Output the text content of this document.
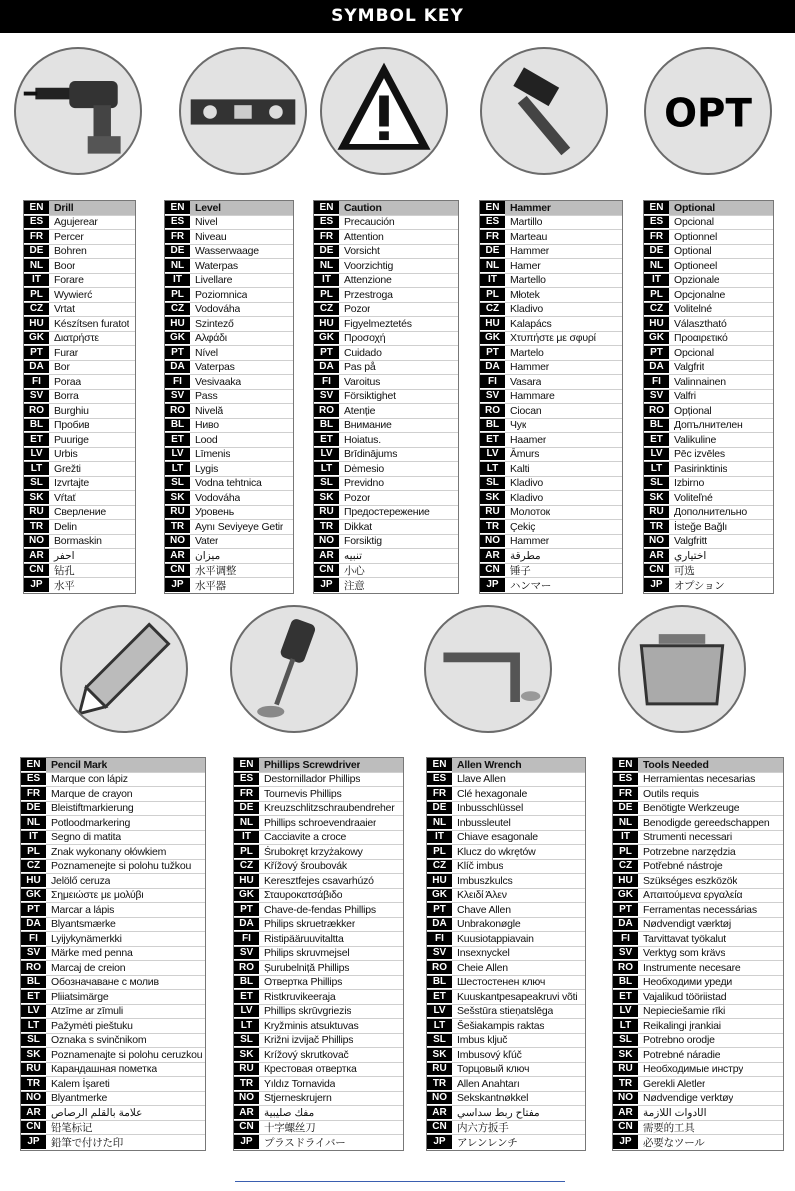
SYMBOL KEY
OPT
EN	Drill
ES	Agujerear
FR	Percer
DE	Bohren
NL	Boor
IT	Forare
PL	Wywierć
CZ	Vrtat
HU Készítsen furatot
GK Διατρήστε
PT	Furar
DA Bor
FI	Poraa
SV	Borra
RO Burghiu
BL	Пробив
ET	Puurige
LV	Urbis
LT	Grežti
SL	Izvrtajte
SK	Vŕtať
RU Сверление
TR	Delin
NO Bormaskin
AR احفر
CN 钻孔
JP	水平
EN	Level
ES	Nivel
FR	Niveau
DE	Wasserwaage
NL	Waterpas
IT	Livellare
PL	Poziomnica
CZ	Vodováha
HU Szintező
GK Αλφάδι
PT	Nível
DA Vaterpas
FI	Vesivaaka
SV	Pass
RO Nivelă
BL	Ниво
ET	Lood
LV	Līmenis
LT	Lygis
SL	Vodna tehtnica
SK	Vodováha
RU Уровень
TR	Aynı Seviyeye Getir
NO Vater
AR ميزان
CN 水平调整
JP	水平器
EN	Caution
ES	Precaución
FR	Attention
DE	Vorsicht
NL	Voorzichtig
IT	Attenzione
PL	Przestroga
CZ	Pozor
HU Figyelmeztetés
GK Προσοχή
PT	Cuidado
DA Pas på
FI	Varoitus
SV	Försiktighet
RO Atenție
BL	Внимание
ET	Hoiatus.
LV	Brīdinājums
LT	Dėmesio
SL	Previdno
SK	Pozor
RU Предостережение
TR	Dikkat
NO Forsiktig
AR تنبيه
CN 小心
JP	注意
EN	Hammer
ES	Martillo
FR	Marteau
DE	Hammer
NL	Hamer
IT	Martello
PL	Młotek
CZ	Kladivo
HU Kalapács
GK Χτυπήστε με σφυρί
PT	Martelo
DA Hammer
FI	Vasara
SV	Hammare
RO Ciocan
BL	Чук
ET	Haamer
LV	Āmurs
LT	Kalti
SL	Kladivo
SK	Kladivo
RU Молоток
TR	Çekiç
NO Hammer
AR مطرقة
CN 锤子
JP	ハンマー
EN	Optional
ES	Opcional
FR	Optionnel
DE	Optional
NL	Optioneel
IT	Opzionale
PL	Opcjonalne
CZ	Volitelné
HU Választható
GK Προαιρετικό
PT	Opcional
DA Valgfrit
FI	Valinnainen
SV	Valfri
RO Opțional
BL	Допълнителен
ET	Valikuline
LV	Pēc izvēles
LT	Pasirinktinis
SL	Izbirno
SK	Voliteľné
RU Дополнительно
TR	İsteğe Bağlı
NO Valgfritt
AR اختياري
CN 可选
JP	オプション
EN	Pencil Mark
ES	Marque con lápiz
FR	Marque de crayon
DE	Bleistiftmarkierung
NL	Potloodmarkering
IT	Segno di matita
PL	Znak wykonany ołówkiem
CZ	Poznamenejte si polohu tužkou
HU Jelölő ceruza
GK Σημειώστε με μολύβι
PT	Marcar a lápis
DA Blyantsmærke
FI	Lyijykynämerkki
SV	Märke med penna
RO Marcaj de creion
BL	Обозначаване с молив
ET	Pliiatsimärge
LV	Atzīme ar zīmuli
LT	Pažymėti pieštuku
SL	Oznaka s svinčnikom
SK	Poznamenajte si polohu ceruzkou
RU Карандашная пометка
TR	Kalem İşareti
NO Blyantmerke
AR علامة بالقلم الرصاص
CN 铅笔标记
JP	鉛筆で付けた印
EN	Phillips Screwdriver
ES	Destornillador Phillips
FR	Tournevis Phillips
DE	Kreuzschlitzschraubendreher
NL	Phillips schroevendraaier
IT	Cacciavite a croce
PL	Śrubokręt krzyżakowy
CZ	Křížový šroubovák
HU Keresztfejes csavarhúzó
GK Σταυροκατσάβιδο
PT	Chave-de-fendas Phillips
DA Philips skruetrækker
FI	Ristipääruuvitaltta
SV	Philips skruvmejsel
RO Șurubelniță Phillips
BL	Отвертка Phillips
ET	Ristkruvikeeraja
LV	Phillips skrūvgriezis
LT	Kryžminis atsuktuvas
SL	Križni izvijač Phillips
SK	Krížový skrutkovač
RU Крестовая отвертка
TR	Yıldız Tornavida
NO Stjerneskrujern
AR مفك صليبية
CN 十字螺丝刀
JP	プラスドライバー
EN	Allen Wrench
ES	Llave Allen
FR	Clé hexagonale
DE	Inbusschlüssel
NL	Inbussleutel
IT	Chiave esagonale
PL	Klucz do wkrętów
CZ	Klíč imbus
HU Imbuszkulcs
GK Κλειδί Άλεν
PT	Chave Allen
DA Unbrakonøgle
FI	Kuusiotappiavain
SV	Insexnyckel
RO Cheie Allen
BL	Шестостенен ключ
ET	Kuuskantpesapeakruvi võti
LV	Sešstūra stieņatslēga
LT	Šešiakampis raktas
SL	Imbus ključ
SK	Imbusový kľúč
RU Торцовый ключ
TR	Allen Anahtarı
NO Sekskantnøkkel
AR مفتاح ربط سداسي
CN 内六方扳手
JP	アレンレンチ
EN	Tools Needed
ES	Herramientas necesarias
FR	Outils requis
DE	Benötigte Werkzeuge
NL	Benodigde gereedschappen
IT	Strumenti necessari
PL	Potrzebne narzędzia
CZ	Potřebné nástroje
HU Szükséges eszközök
GK Απαιτούμενα εργαλεία
PT	Ferramentas necessárias
DA Nødvendigt værktøj
FI	Tarvittavat työkalut
SV	Verktyg som krävs
RO Instrumente necesare
BL	Необходими уреди
ET	Vajalikud tööriistad
LV	Nepieciešamie rīki
LT	Reikalingi įrankiai
SL	Potrebno orodje
SK	Potrebné náradie
RU Необходимые инстру
TR	Gerekli Aletler
NO Nødvendige verktøy
AR الأدوات اللازمة
CN 需要的工具
JP	必要なツール
